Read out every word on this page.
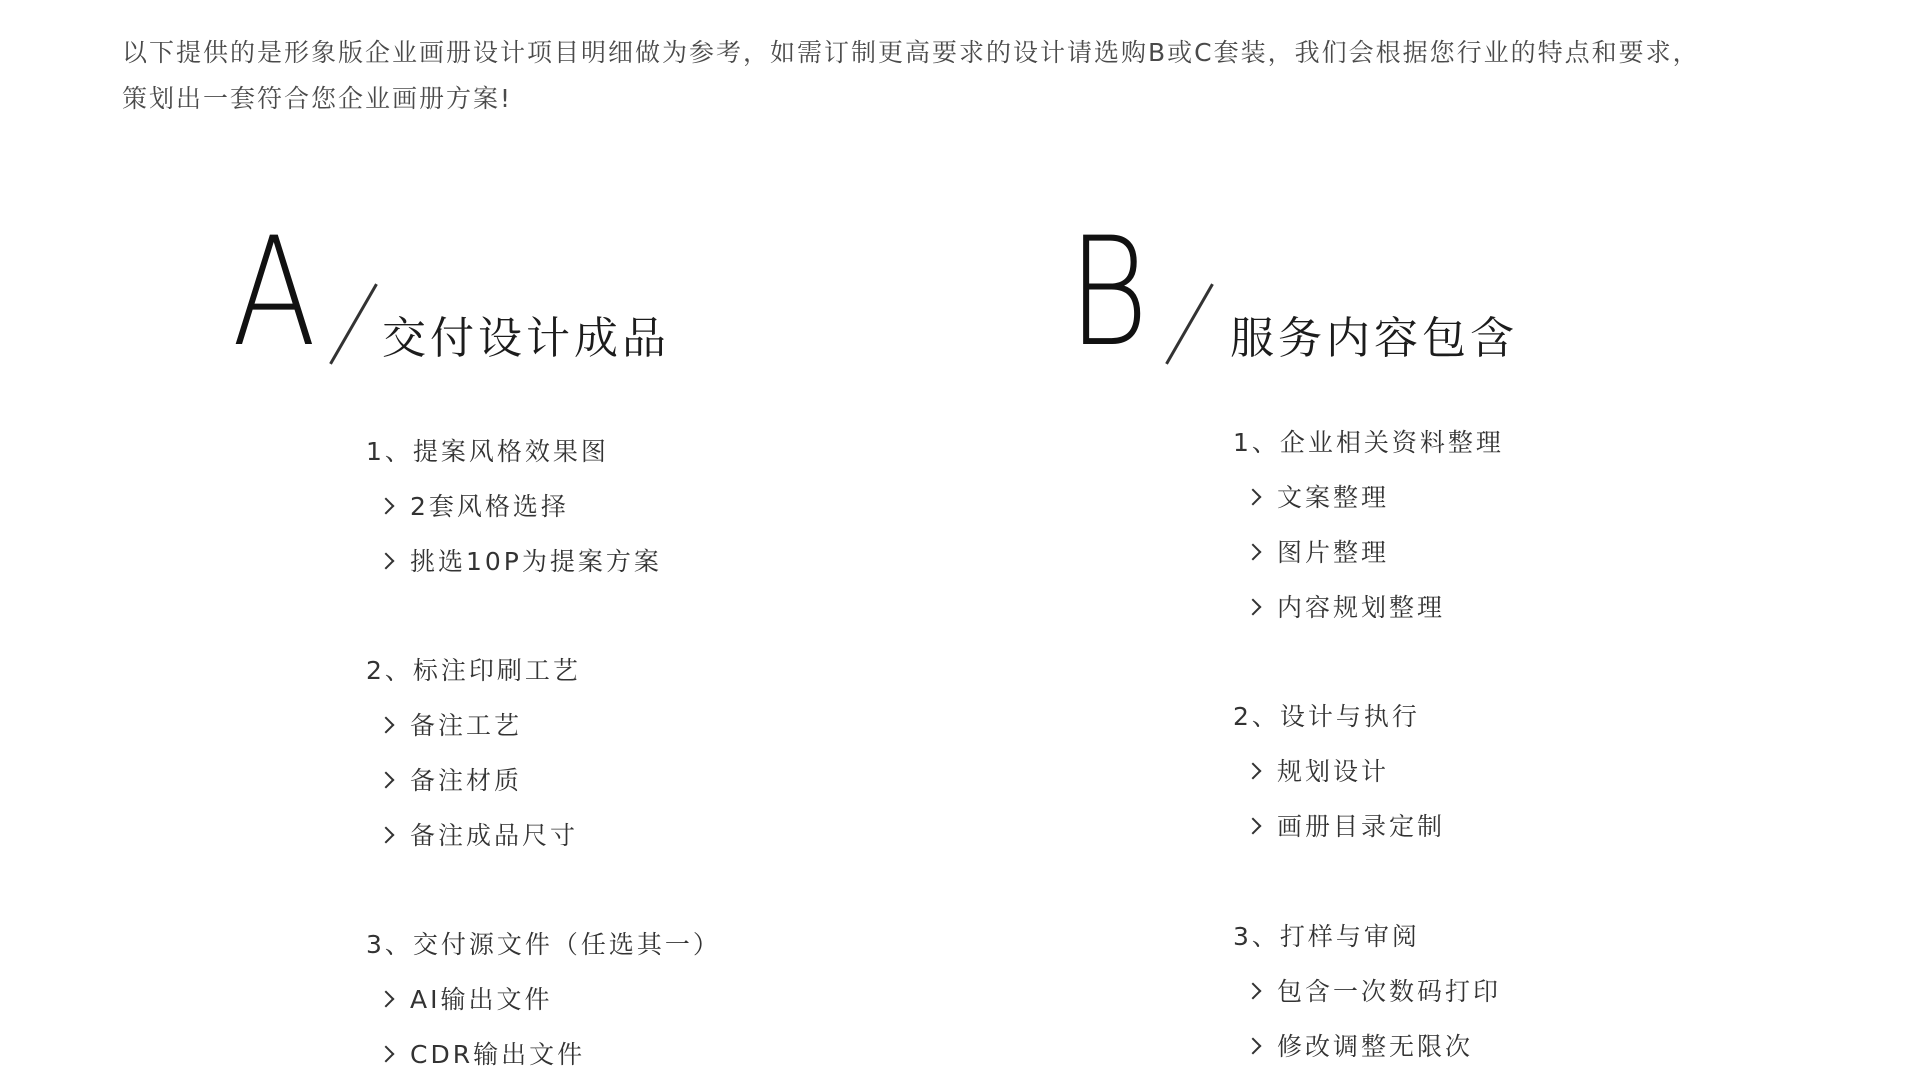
以下提供的是形象版企业画册设计项目明细做为参考，如需订制更高要求的设计请选购B或C套装，我们会根据您行业的特点和要求，
策划出一套符合您企业画册方案!
A 交付设计成品	B 服务内容包含
1、提案风格效果图
2套风格选择
挑选10P为提案方案
2、标注印刷工艺
备注工艺
备注材质
备注成品尺寸
3、交付源文件（任选其一）
AI输出文件
CDR输出文件
1、企业相关资料整理
文案整理
图片整理
内容规划整理
2、设计与执行
规划设计
画册目录定制
3、打样与审阅
包含一次数码打印
修改调整无限次
